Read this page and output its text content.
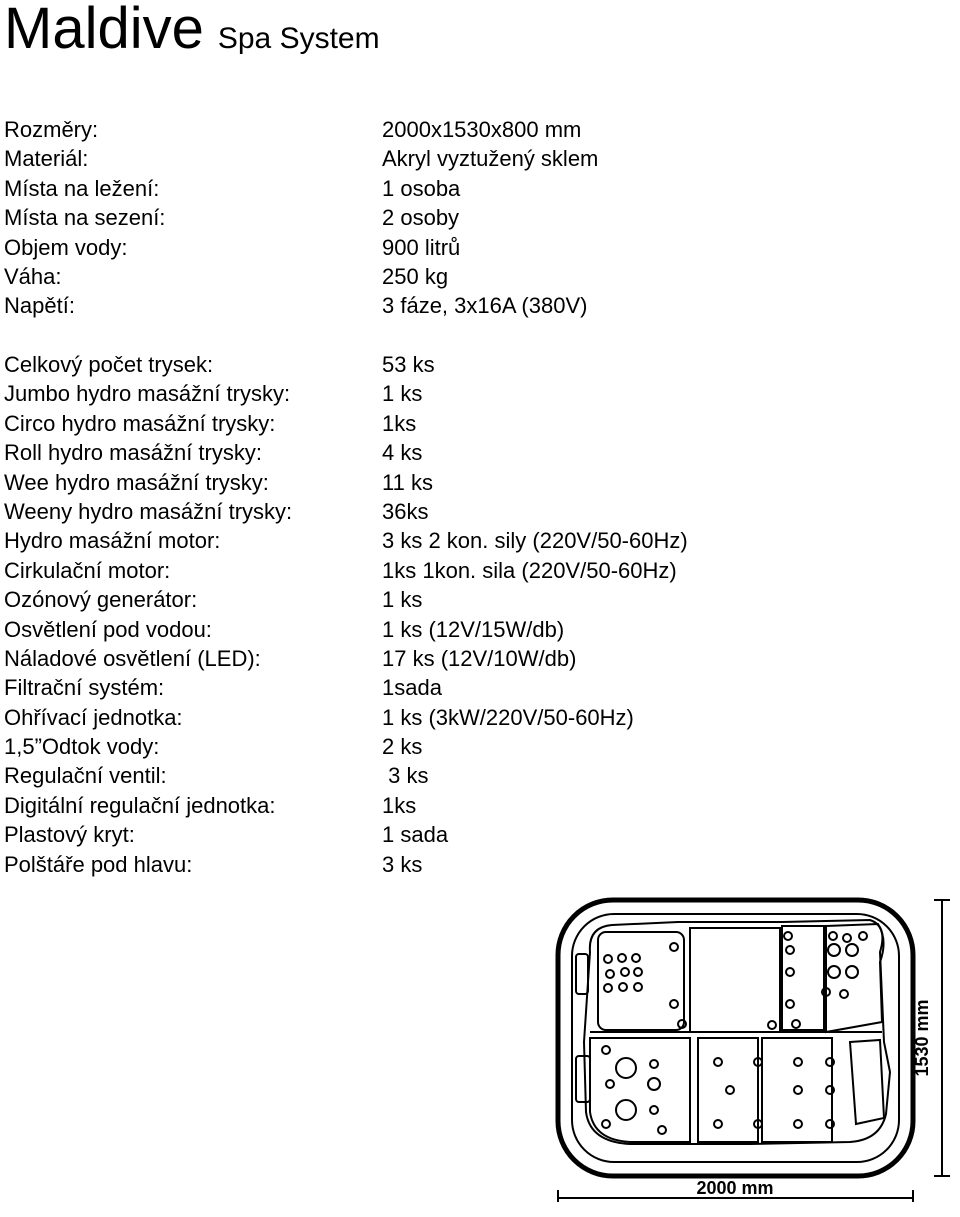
Maldive Spa System
Rozměry:	2000x1530x800 mm
Materiál:	Akryl vyztužený sklem
Místa na ležení:	1 osoba
Místa na sezení:	2 osoby
Objem vody:	900 litrů
Váha:	250 kg
Napětí:	3 fáze, 3x16A (380V)
Celkový počet trysek:	53 ks
Jumbo hydro masážní trysky:	1 ks
Circo hydro masážní trysky:	1ks
Roll hydro masážní trysky:	4 ks
Wee hydro masážní trysky:	11 ks
Weeny hydro masážní trysky:	36ks
Hydro masážní motor:	3 ks 2 kon. sily (220V/50-60Hz)
Cirkulační motor:	1ks 1kon. sila (220V/50-60Hz)
Ozónový generátor:	1 ks
Osvětlení pod vodou:	1 ks (12V/15W/db)
Náladové osvětlení (LED):	17 ks (12V/10W/db)
Filtrační systém:	1sada
Ohřívací jednotka:	1 ks (3kW/220V/50-60Hz)
1,5”Odtok vody:	2 ks
Regulační ventil:	3 ks
Digitální regulační jednotka:	1ks
Plastový kryt:	1 sada
Polštáře pod hlavu:	3 ks
1530 mm
2000 mm
